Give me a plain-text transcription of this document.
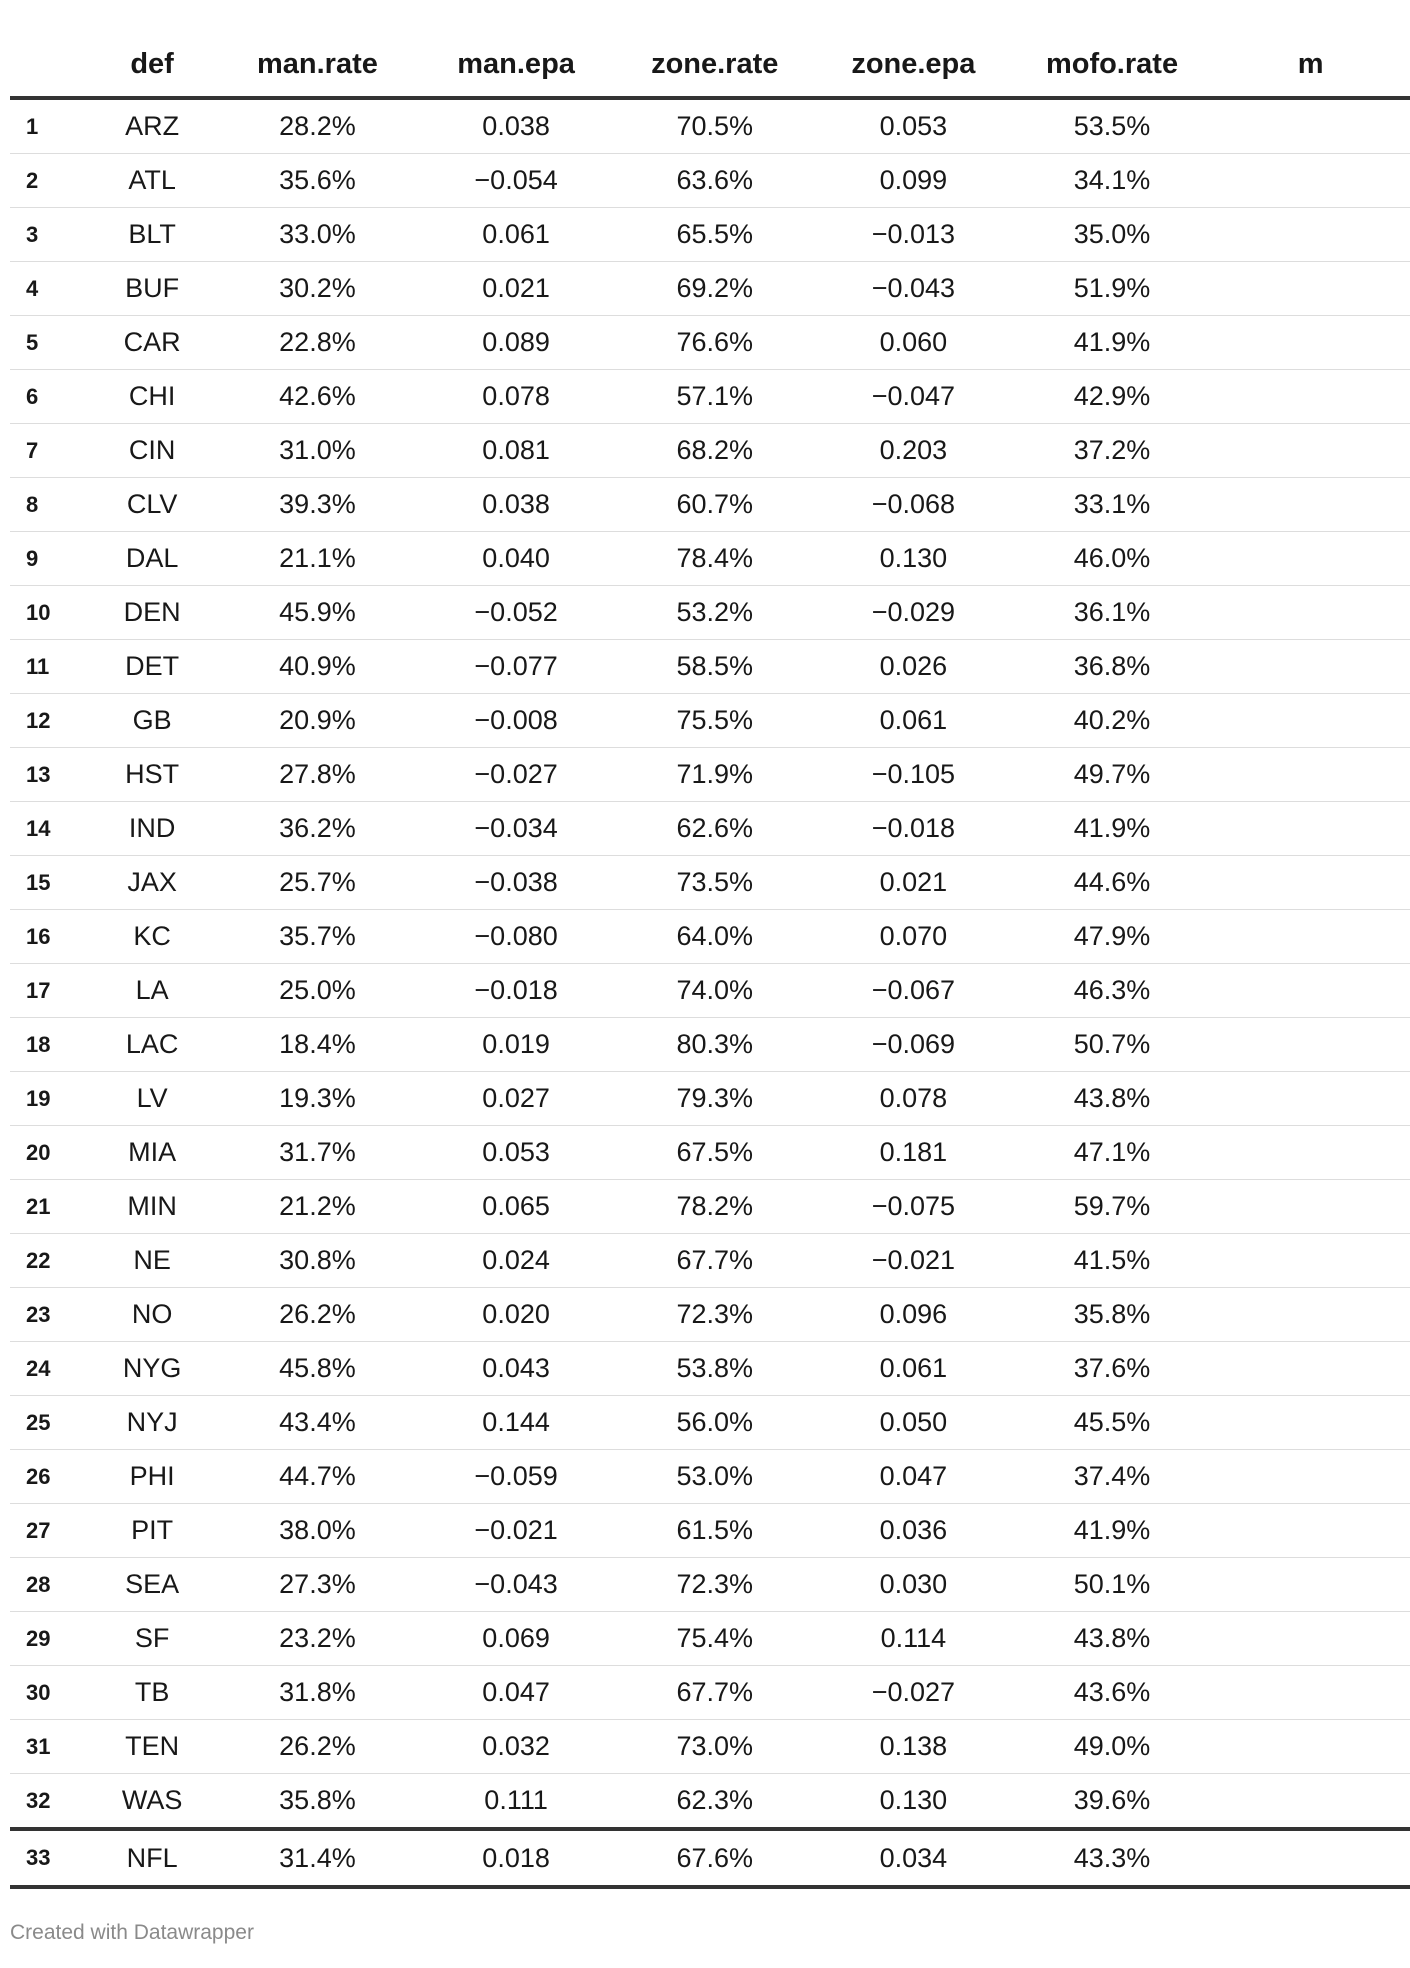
	def	man.rate	man.epa	zone.rate	zone.epa	mofo.rate	m
1	ARZ	28.2%	0.038	70.5%	0.053	53.5%	
2	ATL	35.6%	−0.054	63.6%	0.099	34.1%	
3	BLT	33.0%	0.061	65.5%	−0.013	35.0%	
4	BUF	30.2%	0.021	69.2%	−0.043	51.9%	
5	CAR	22.8%	0.089	76.6%	0.060	41.9%	
6	CHI	42.6%	0.078	57.1%	−0.047	42.9%	
7	CIN	31.0%	0.081	68.2%	0.203	37.2%	
8	CLV	39.3%	0.038	60.7%	−0.068	33.1%	
9	DAL	21.1%	0.040	78.4%	0.130	46.0%	
10	DEN	45.9%	−0.052	53.2%	−0.029	36.1%	
11	DET	40.9%	−0.077	58.5%	0.026	36.8%	
12	GB	20.9%	−0.008	75.5%	0.061	40.2%	
13	HST	27.8%	−0.027	71.9%	−0.105	49.7%	
14	IND	36.2%	−0.034	62.6%	−0.018	41.9%	
15	JAX	25.7%	−0.038	73.5%	0.021	44.6%	
16	KC	35.7%	−0.080	64.0%	0.070	47.9%	
17	LA	25.0%	−0.018	74.0%	−0.067	46.3%	
18	LAC	18.4%	0.019	80.3%	−0.069	50.7%	
19	LV	19.3%	0.027	79.3%	0.078	43.8%	
20	MIA	31.7%	0.053	67.5%	0.181	47.1%	
21	MIN	21.2%	0.065	78.2%	−0.075	59.7%	
22	NE	30.8%	0.024	67.7%	−0.021	41.5%	
23	NO	26.2%	0.020	72.3%	0.096	35.8%	
24	NYG	45.8%	0.043	53.8%	0.061	37.6%	
25	NYJ	43.4%	0.144	56.0%	0.050	45.5%	
26	PHI	44.7%	−0.059	53.0%	0.047	37.4%	
27	PIT	38.0%	−0.021	61.5%	0.036	41.9%	
28	SEA	27.3%	−0.043	72.3%	0.030	50.1%	
29	SF	23.2%	0.069	75.4%	0.114	43.8%	
30	TB	31.8%	0.047	67.7%	−0.027	43.6%	
31	TEN	26.2%	0.032	73.0%	0.138	49.0%	
32	WAS	35.8%	0.111	62.3%	0.130	39.6%	
33	NFL	31.4%	0.018	67.6%	0.034	43.3%	
Created with Datawrapper
